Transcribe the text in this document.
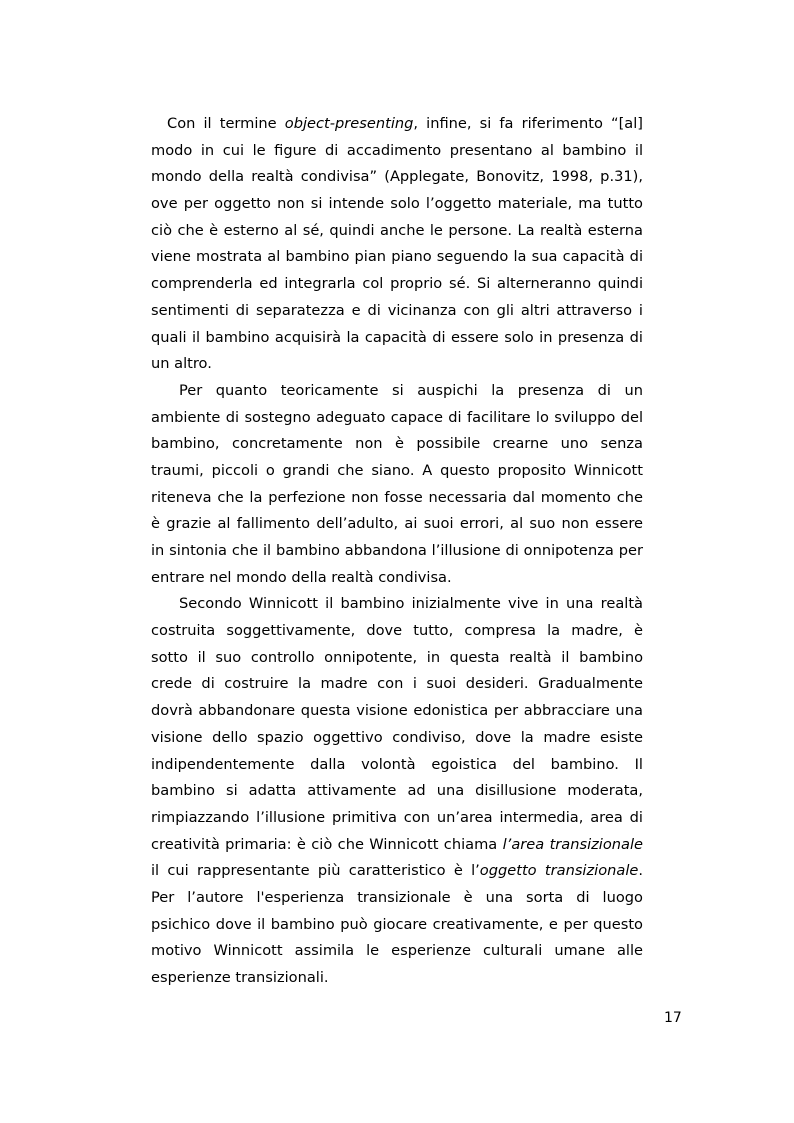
Con il termine object-presenting, infine, si fa riferimento “[al]
modo in cui le figure di accadimento presentano al bambino il
mondo della realtà condivisa” (Applegate, Bonovitz, 1998, p.31),
ove per oggetto non si intende solo l’oggetto materiale, ma tutto
ciò che è esterno al sé, quindi anche le persone. La realtà esterna
viene mostrata al bambino pian piano seguendo la sua capacità di
comprenderla ed integrarla col proprio sé. Si alterneranno quindi
sentimenti di separatezza e di vicinanza con gli altri attraverso i
quali il bambino acquisirà la capacità di essere solo in presenza di
un altro.
Per quanto teoricamente si auspichi la presenza di un
ambiente di sostegno adeguato capace di facilitare lo sviluppo del
bambino, concretamente non è possibile crearne uno senza
traumi, piccoli o grandi che siano. A questo proposito Winnicott
riteneva che la perfezione non fosse necessaria dal momento che
è grazie al fallimento dell’adulto, ai suoi errori, al suo non essere
in sintonia che il bambino abbandona l’illusione di onnipotenza per
entrare nel mondo della realtà condivisa.
Secondo Winnicott il bambino inizialmente vive in una realtà
costruita soggettivamente, dove tutto, compresa la madre, è
sotto il suo controllo onnipotente, in questa realtà il bambino
crede di costruire la madre con i suoi desideri. Gradualmente
dovrà abbandonare questa visione edonistica per abbracciare una
visione dello spazio oggettivo condiviso, dove la madre esiste
indipendentemente dalla volontà egoistica del bambino. Il
bambino si adatta attivamente ad una disillusione moderata,
rimpiazzando l’illusione primitiva con un’area intermedia, area di
creatività primaria: è ciò che Winnicott chiama l’area transizionale
il cui rappresentante più caratteristico è l’oggetto transizionale.
Per l’autore l'esperienza transizionale è una sorta di luogo
psichico dove il bambino può giocare creativamente, e per questo
motivo Winnicott assimila le esperienze culturali umane alle
esperienze transizionali.
17
